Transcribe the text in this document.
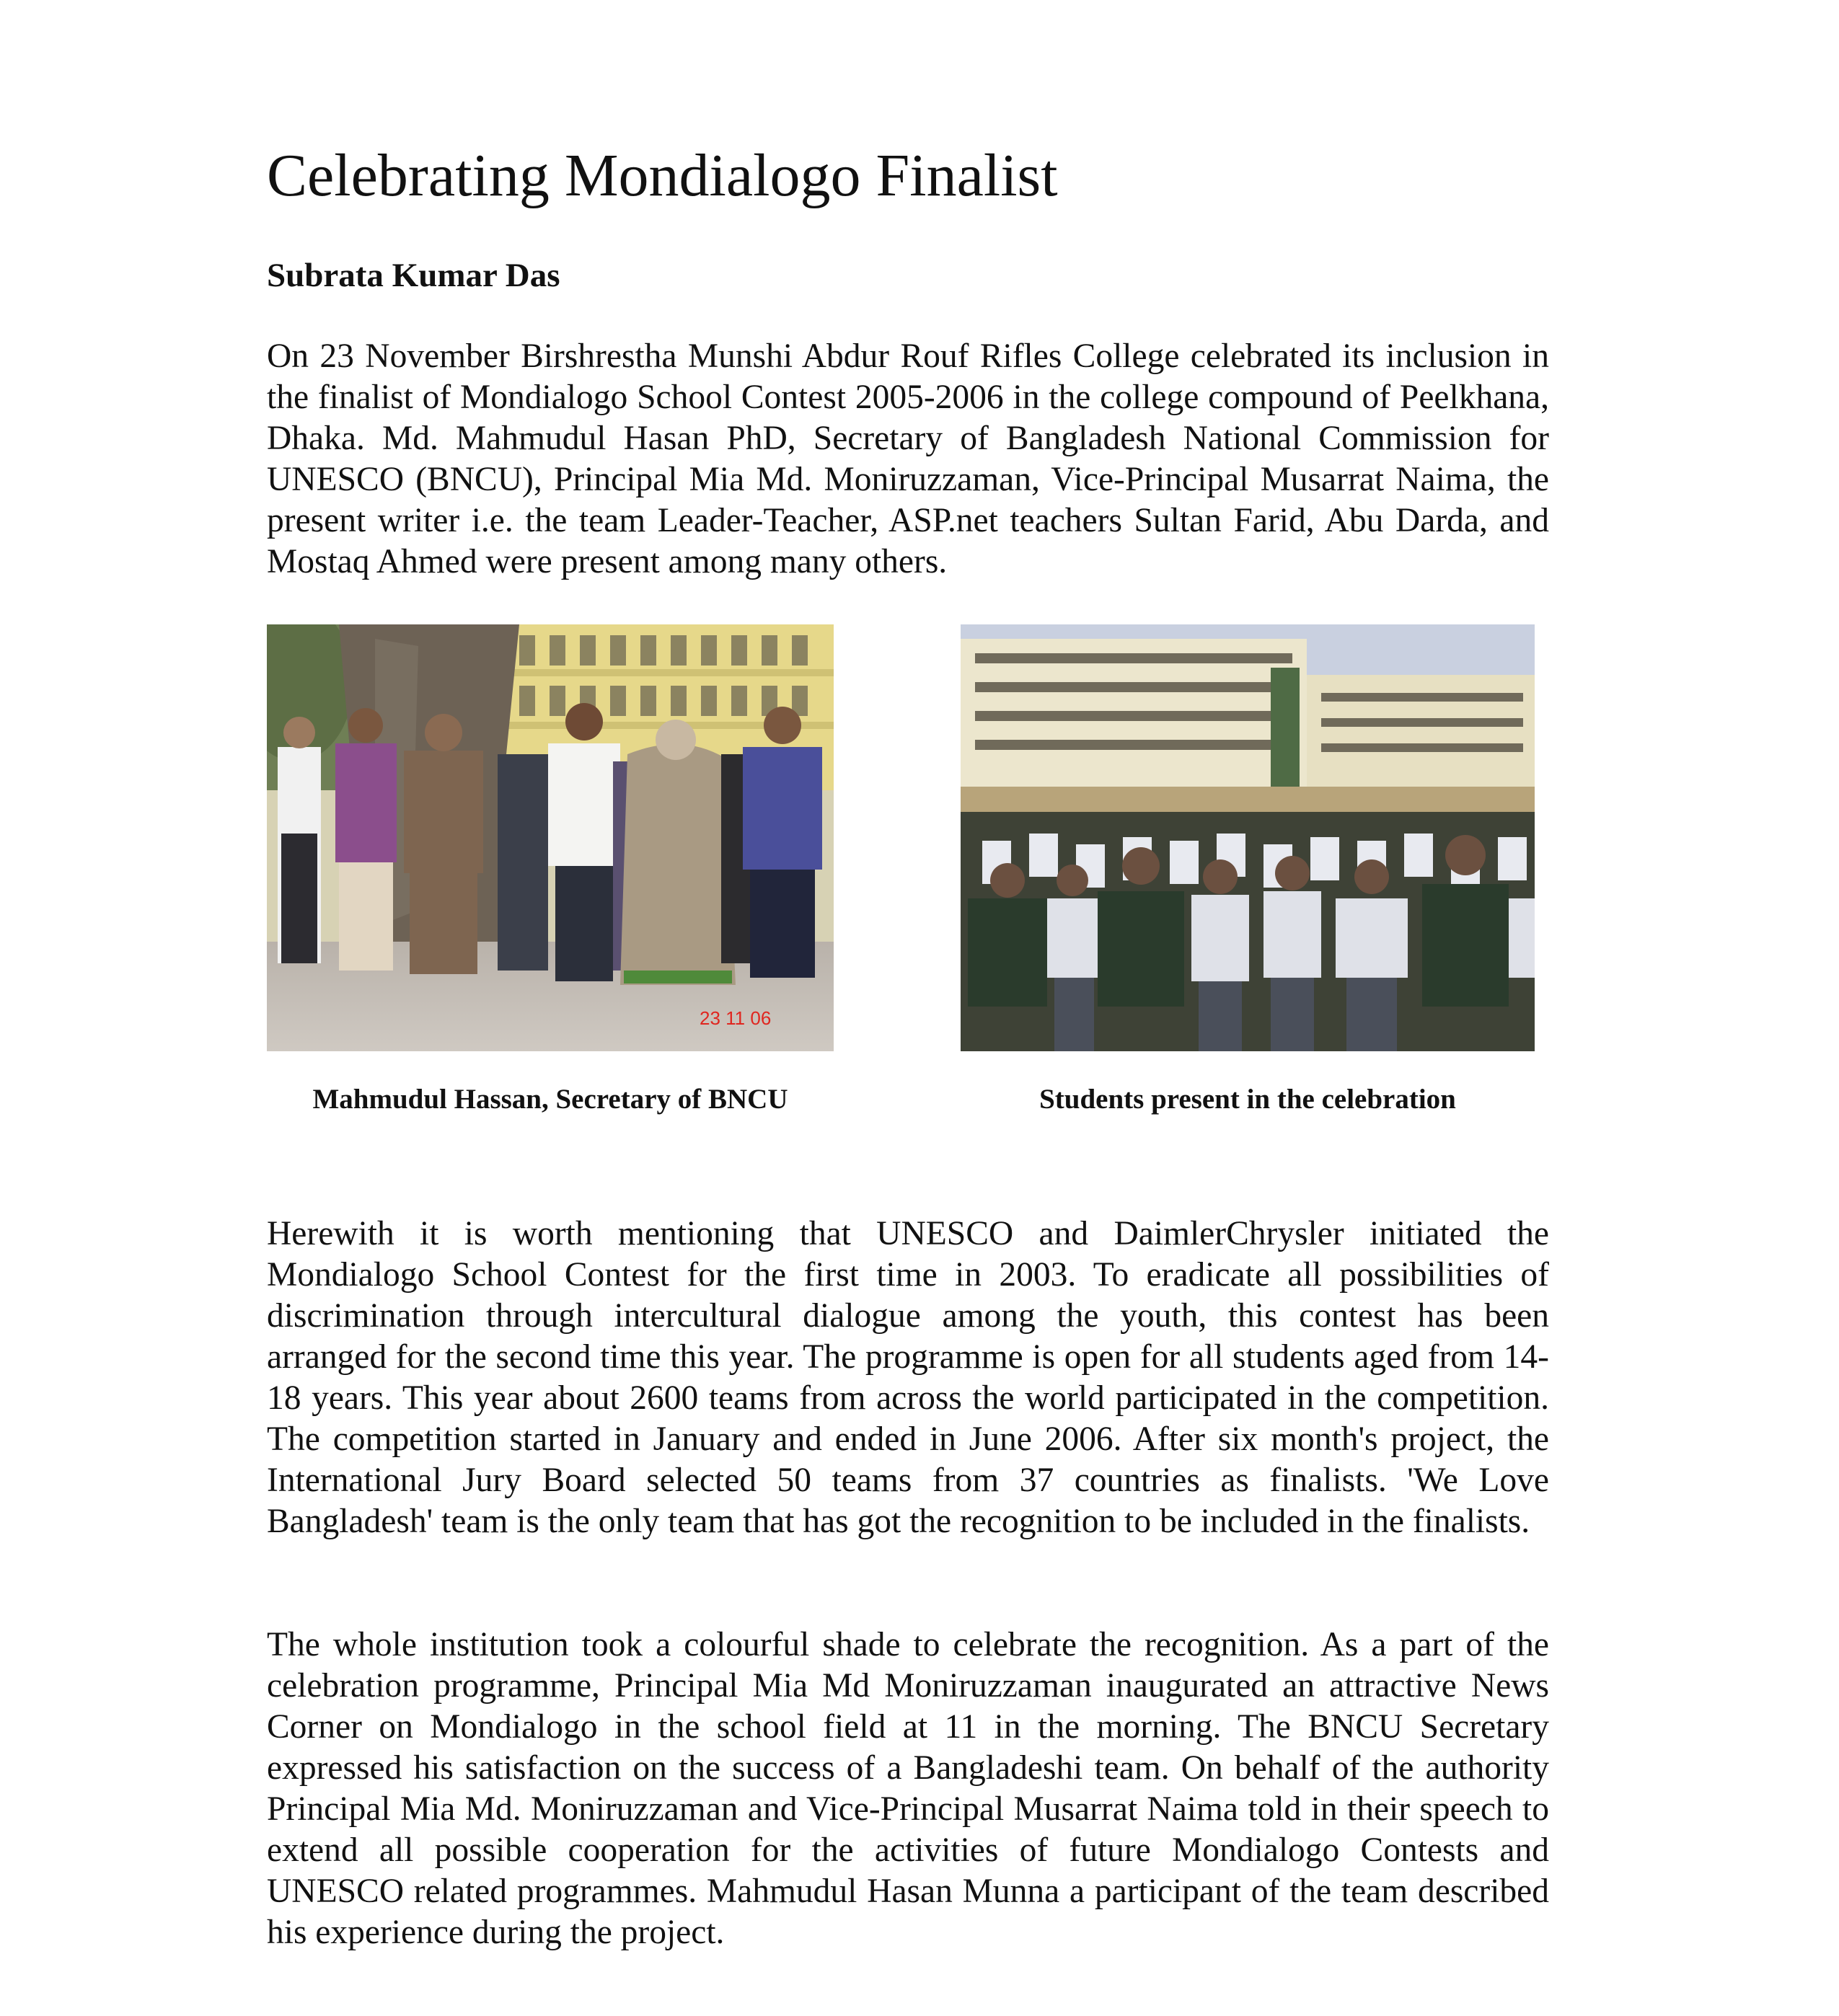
Celebrating Mondialogo Finalist

Subrata Kumar Das

On 23 November Birshrestha Munshi Abdur Rouf Rifles College celebrated its inclusion in the finalist of Mondialogo School Contest 2005-2006 in the college compound of Peelkhana, Dhaka. Md. Mahmudul Hasan PhD, Secretary of Bangladesh National Commission for UNESCO (BNCU), Principal Mia Md. Moniruzzaman, Vice-Principal Musarrat Naima, the present writer i.e. the team Leader-Teacher, ASP.net teachers Sultan Farid, Abu Darda, and Mostaq Ahmed were present among many others.

23 11 06

Mahmudul Hassan, Secretary of BNCU	Students present in the celebration

Herewith it is worth mentioning that UNESCO and DaimlerChrysler initiated the Mondialogo School Contest for the first time in 2003. To eradicate all possibilities of discrimination through intercultural dialogue among the youth, this contest has been arranged for the second time this year. The programme is open for all students aged from 14-18 years. This year about 2600 teams from across the world participated in the competition. The competition started in January and ended in June 2006. After six month's project, the International Jury Board selected 50 teams from 37 countries as finalists. 'We Love Bangladesh' team is the only team that has got the recognition to be included in the finalists.

The whole institution took a colourful shade to celebrate the recognition. As a part of the celebration programme, Principal Mia Md Moniruzzaman inaugurated an attractive News Corner on Mondialogo in the school field at 11 in the morning. The BNCU Secretary expressed his satisfaction on the success of a Bangladeshi team. On behalf of the authority Principal Mia Md. Moniruzzaman and Vice-Principal Musarrat Naima told in their speech to extend all possible cooperation for the activities of future Mondialogo Contests and UNESCO related programmes. Mahmudul Hasan Munna a participant of the team described his experience during the project.
